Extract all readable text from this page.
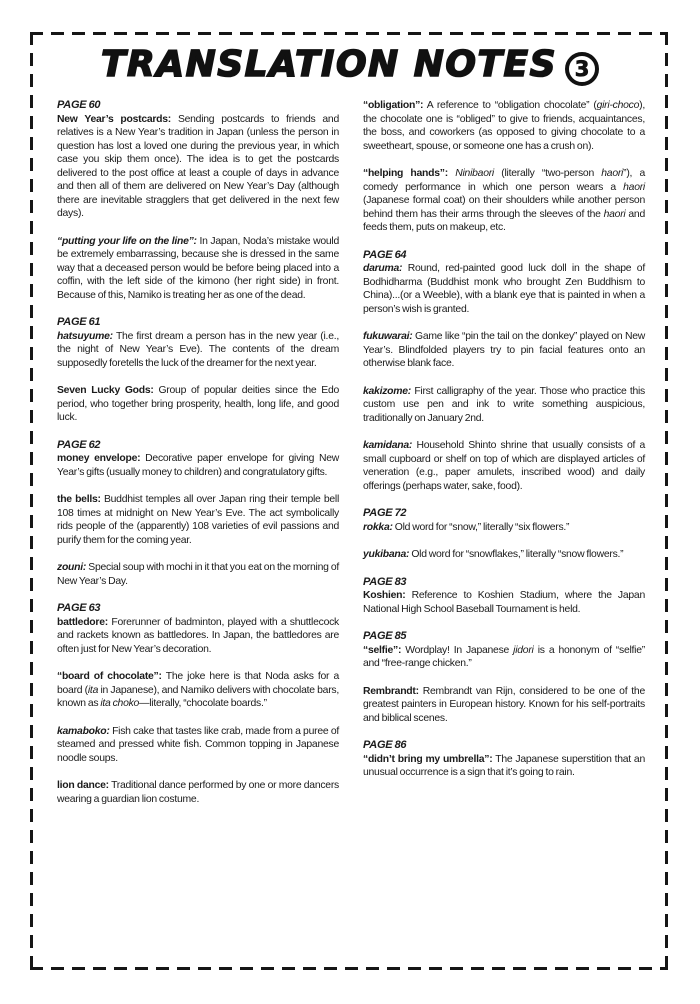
TRANSLATION NOTES 3
PAGE 60

New Year’s postcards: Sending postcards to friends and relatives is a New Year’s tradition in Japan (unless the person in question has lost a loved one during the previous year, in which case you skip them once). The idea is to get the postcards delivered to the post office at least a couple of days in advance and then all of them are delivered on New Year’s Day (although there are inevitable stragglers that get delivered in the next few days).

“putting your life on the line”: In Japan, Noda’s mistake would be extremely embarrassing, because she is dressed in the same way that a deceased person would be before being placed into a coffin, with the left side of the kimono (her right side) in front. Because of this, Namiko is treating her as one of the dead.

PAGE 61

hatsuyume: The first dream a person has in the new year (i.e., the night of New Year’s Eve). The contents of the dream supposedly foretells the luck of the dreamer for the next year.

Seven Lucky Gods: Group of popular deities since the Edo period, who together bring prosperity, health, long life, and good luck.

PAGE 62

money envelope: Decorative paper envelope for giving New Year’s gifts (usually money to children) and congratulatory gifts.

the bells: Buddhist temples all over Japan ring their temple bell 108 times at midnight on New Year’s Eve. The act symbolically rids people of the (apparently) 108 varieties of evil passions and purify them for the coming year.

zouni: Special soup with mochi in it that you eat on the morning of New Year’s Day.

PAGE 63

battledore: Forerunner of badminton, played with a shuttlecock and rackets known as battledores. In Japan, the battledores are often just for New Year’s decoration.

“board of chocolate”: The joke here is that Noda asks for a board (ita in Japanese), and Namiko delivers with chocolate bars, known as ita choko—literally, “chocolate boards.”

kamaboko: Fish cake that tastes like crab, made from a puree of steamed and pressed white fish. Common topping in Japanese noodle soups.

lion dance: Traditional dance performed by one or more dancers wearing a guardian lion costume.

“obligation”: A reference to “obligation chocolate” (giri-choco), the chocolate one is “obliged” to give to friends, acquaintances, the boss, and coworkers (as opposed to giving chocolate to a sweetheart, spouse, or someone one has a crush on).

“helping hands”: Ninibaori (literally “two-person haori”), a comedy performance in which one person wears a haori (Japanese formal coat) on their shoulders while another person behind them has their arms through the sleeves of the haori and feeds them, puts on makeup, etc.

PAGE 64

daruma: Round, red-painted good luck doll in the shape of Bodhidharma (Buddhist monk who brought Zen Buddhism to China)...(or a Weeble), with a blank eye that is painted in when a person’s wish is granted.

fukuwarai: Game like “pin the tail on the donkey” played on New Year’s. Blindfolded players try to pin facial features onto an otherwise blank face.

kakizome: First calligraphy of the year. Those who practice this custom use pen and ink to write something auspicious, traditionally on January 2nd.

kamidana: Household Shinto shrine that usually consists of a small cupboard or shelf on top of which are displayed articles of veneration (e.g., paper amulets, inscribed wood) and daily offerings (perhaps water, sake, food).

PAGE 72

rokka: Old word for “snow,” literally “six flowers.”

yukibana: Old word for “snowflakes,” literally “snow flowers.”

PAGE 83

Koshien: Reference to Koshien Stadium, where the Japan National High School Baseball Tournament is held.

PAGE 85

“selfie”: Wordplay! In Japanese jidori is a hononym of “selfie” and “free-range chicken.”

Rembrandt: Rembrandt van Rijn, considered to be one of the greatest painters in European history. Known for his self-portraits and biblical scenes.

PAGE 86

“didn’t bring my umbrella”: The Japanese superstition that an unusual occurrence is a sign that it’s going to rain.
